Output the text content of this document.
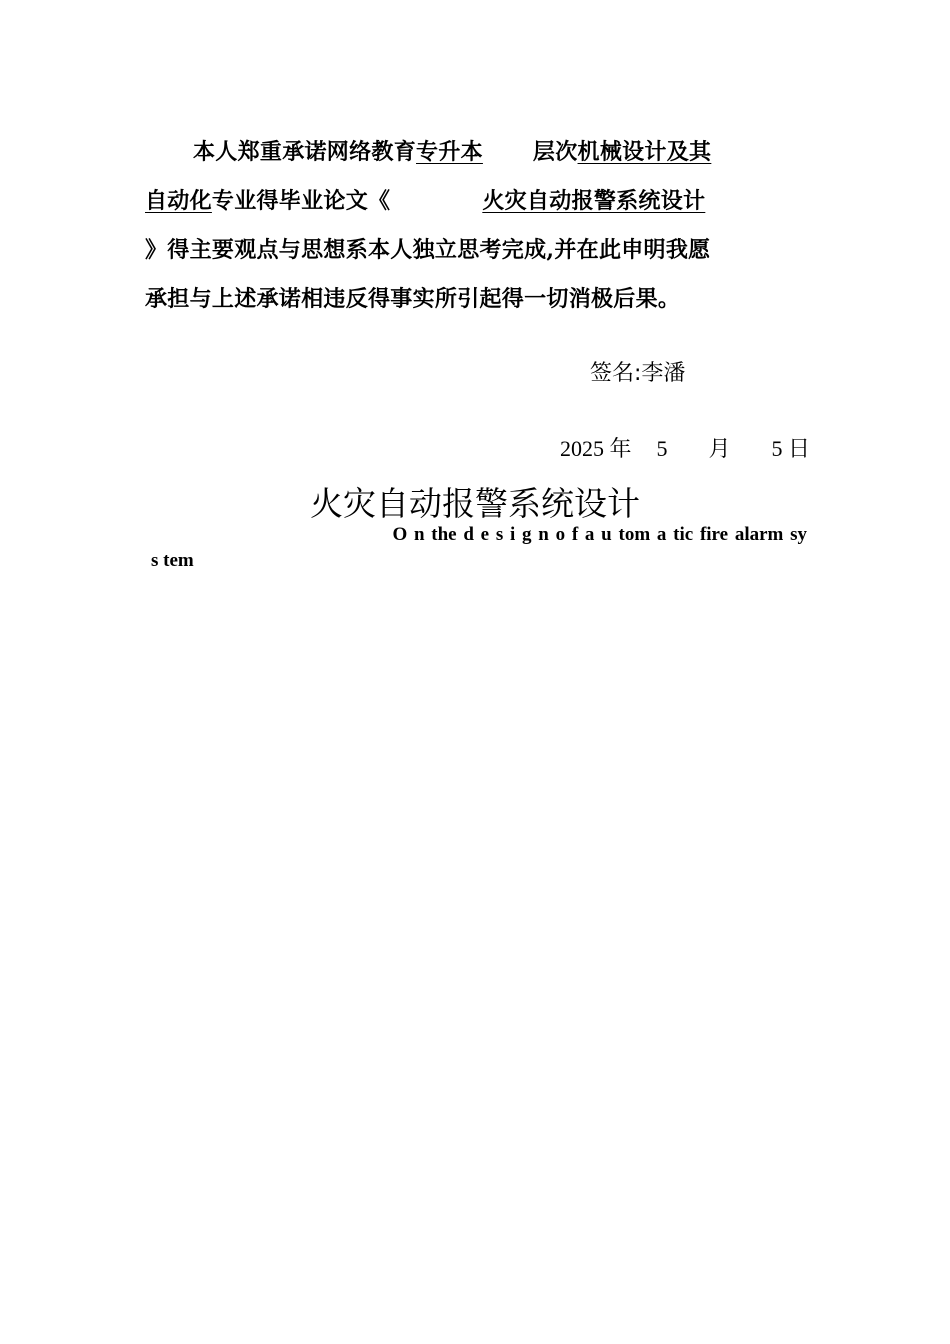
本人郑重承诺网络教育专升本 层次机械设计及其
自动化专业得毕业论文《	火灾自动报警系统设计
》得主要观点与思想系本人独立思考完成,并在此申明我愿
承担与上述承诺相违反得事实所引起得一切消极后果。
签名:李潘
2025 年 5 月 5 日
火灾自动报警系统设计
O n the d e s i g n o f a u tom a tic fire alarm sy
s tem
